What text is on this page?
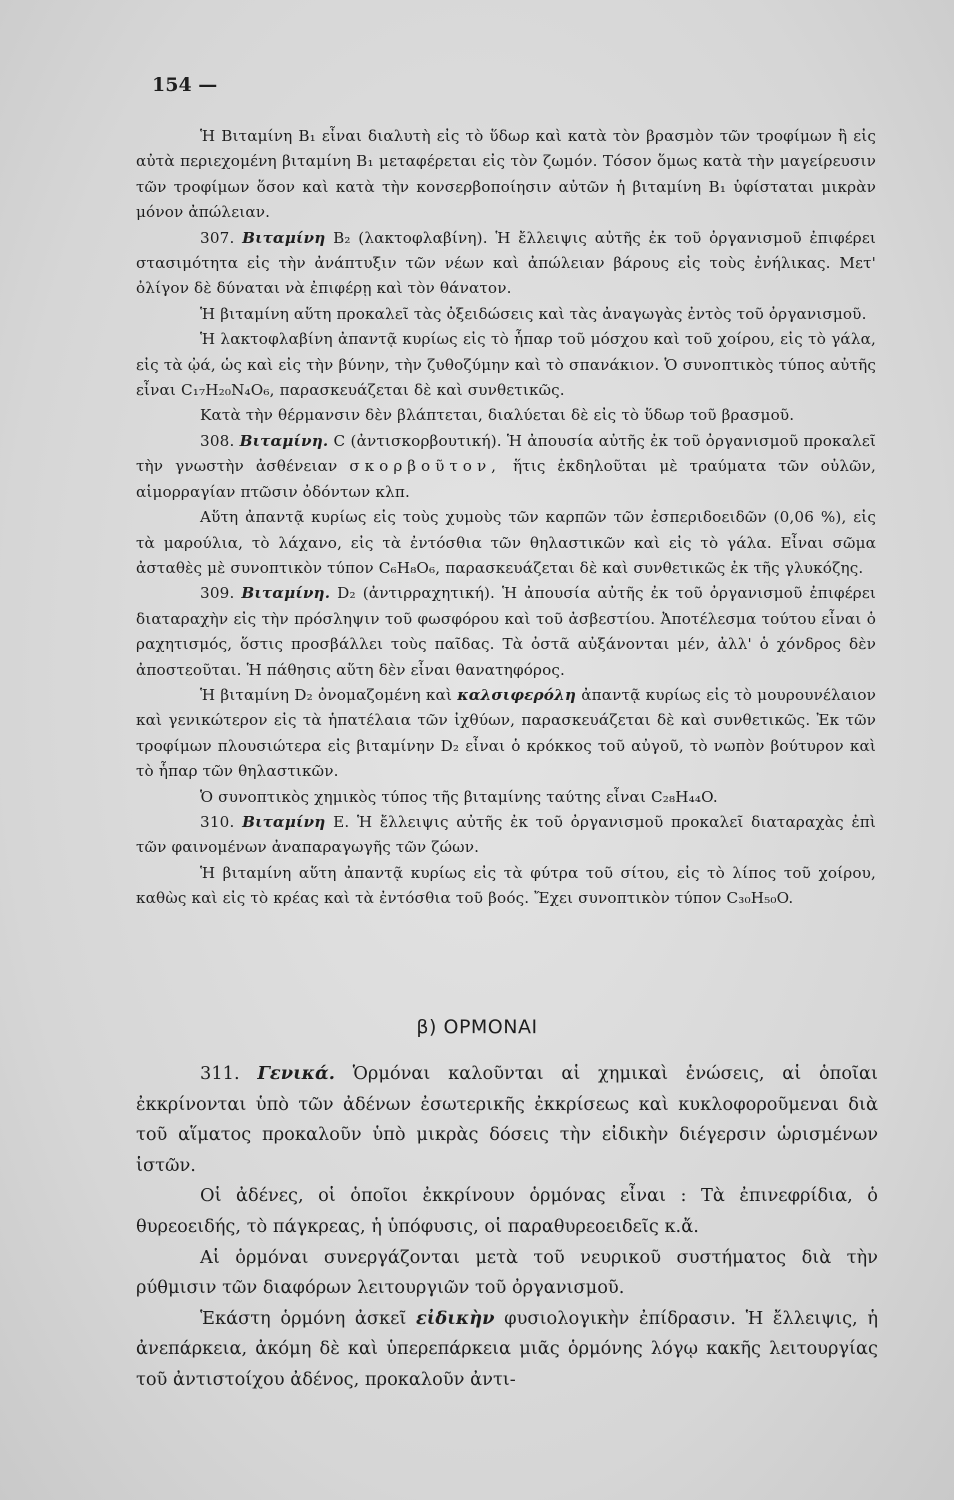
154 —

Ἡ Βιταμίνη Β₁ εἶναι διαλυτὴ εἰς τὸ ὕδωρ καὶ κατὰ τὸν βρασμὸν τῶν τροφίμων ἢ εἰς αὐτὰ περιεχομένη βιταμίνη Β₁ μεταφέρεται εἰς τὸν ζωμόν. Τόσον ὅμως κατὰ τὴν μαγείρευσιν τῶν τροφίμων ὅσον καὶ κατὰ τὴν κονσερβοποίησιν αὐτῶν ἡ βιταμίνη Β₁ ὑφίσταται μικρὰν μόνον ἀπώλειαν.

307. Βιταμίνη Β₂ (λακτοφλαβίνη). Ἡ ἔλλειψις αὐτῆς ἐκ τοῦ ὀργανισμοῦ ἐπιφέρει στασιμότητα εἰς τὴν ἀνάπτυξιν τῶν νέων καὶ ἀπώλειαν βάρους εἰς τοὺς ἐνήλικας. Μετ' ὀλίγον δὲ δύναται νὰ ἐπιφέρῃ καὶ τὸν θάνατον.

Ἡ βιταμίνη αὕτη προκαλεῖ τὰς ὀξειδώσεις καὶ τὰς ἀναγωγὰς ἐντὸς τοῦ ὀργανισμοῦ.

Ἡ λακτοφλαβίνη ἀπαντᾷ κυρίως εἰς τὸ ἧπαρ τοῦ μόσχου καὶ τοῦ χοίρου, εἰς τὸ γάλα, εἰς τὰ ᾠά, ὡς καὶ εἰς τὴν βύνην, τὴν ζυθοζύμην καὶ τὸ σπανάκιον. Ὁ συνοπτικὸς τύπος αὐτῆς εἶναι C₁₇H₂₀N₄O₆, παρασκευάζεται δὲ καὶ συνθετικῶς.

Κατὰ τὴν θέρμανσιν δὲν βλάπτεται, διαλύεται δὲ εἰς τὸ ὕδωρ τοῦ βρασμοῦ.

308. Βιταμίνη. C (ἀντισκορβουτική). Ἡ ἀπουσία αὐτῆς ἐκ τοῦ ὀργανισμοῦ προκαλεῖ τὴν γνωστὴν ἀσθένειαν σκορβοῦτον, ἥτις ἐκδηλοῦται μὲ τραύματα τῶν οὐλῶν, αἱμορραγίαν πτῶσιν ὀδόντων κλπ.

Αὕτη ἀπαντᾷ κυρίως εἰς τοὺς χυμοὺς τῶν καρπῶν τῶν ἐσπεριδοειδῶν (0,06 %), εἰς τὰ μαρούλια, τὸ λάχανο, εἰς τὰ ἐντόσθια τῶν θηλαστικῶν καὶ εἰς τὸ γάλα. Εἶναι σῶμα ἀσταθὲς μὲ συνοπτικὸν τύπον C₆H₈O₆, παρασκευάζεται δὲ καὶ συνθετικῶς ἐκ τῆς γλυκόζης.

309. Βιταμίνη. D₂ (ἀντιρραχητική). Ἡ ἀπουσία αὐτῆς ἐκ τοῦ ὀργανισμοῦ ἐπιφέρει διαταραχὴν εἰς τὴν πρόσληψιν τοῦ φωσφόρου καὶ τοῦ ἀσβεστίου. Ἀποτέλεσμα τούτου εἶναι ὁ ραχητισμός, ὅστις προσβάλλει τοὺς παῖδας. Τὰ ὀστᾶ αὐξάνονται μέν, ἀλλ' ὁ χόνδρος δὲν ἀποστεοῦται. Ἡ πάθησις αὕτη δὲν εἶναι θανατηφόρος.

Ἡ βιταμίνη D₂ ὀνομαζομένη καὶ καλσιφερόλη ἀπαντᾷ κυρίως εἰς τὸ μουρουνέλαιον καὶ γενικώτερον εἰς τὰ ἡπατέλαια τῶν ἰχθύων, παρασκευάζεται δὲ καὶ συνθετικῶς. Ἐκ τῶν τροφίμων πλουσιώτερα εἰς βιταμίνην D₂ εἶναι ὁ κρόκκος τοῦ αὐγοῦ, τὸ νωπὸν βούτυρον καὶ τὸ ἧπαρ τῶν θηλαστικῶν.

Ὁ συνοπτικὸς χημικὸς τύπος τῆς βιταμίνης ταύτης εἶναι C₂₈H₄₄O.

310. Βιταμίνη Ε. Ἡ ἔλλειψις αὐτῆς ἐκ τοῦ ὀργανισμοῦ προκαλεῖ διαταραχὰς ἐπὶ τῶν φαινομένων ἀναπαραγωγῆς τῶν ζώων.

Ἡ βιταμίνη αὕτη ἀπαντᾷ κυρίως εἰς τὰ φύτρα τοῦ σίτου, εἰς τὸ λίπος τοῦ χοίρου, καθὼς καὶ εἰς τὸ κρέας καὶ τὰ ἐντόσθια τοῦ βοός. Ἔχει συνοπτικὸν τύπον C₃₀H₅₀O.

β) ΟΡΜΟΝΑΙ

311. Γενικά. Ὁρμόναι καλοῦνται αἱ χημικαὶ ἑνώσεις, αἱ ὁποῖαι ἐκκρίνονται ὑπὸ τῶν ἀδένων ἐσωτερικῆς ἐκκρίσεως καὶ κυκλοφοροῦμεναι διὰ τοῦ αἵματος προκαλοῦν ὑπὸ μικρὰς δόσεις τὴν εἰδικὴν διέγερσιν ὡρισμένων ἱστῶν.

Οἱ ἀδένες, οἱ ὁποῖοι ἐκκρίνουν ὁρμόνας εἶναι : Τὰ ἐπινεφρίδια, ὁ θυρεοειδής, τὸ πάγκρεας, ἡ ὑπόφυσις, οἱ παραθυρεοειδεῖς κ.ἄ.

Αἱ ὁρμόναι συνεργάζονται μετὰ τοῦ νευρικοῦ συστήματος διὰ τὴν ρύθμισιν τῶν διαφόρων λειτουργιῶν τοῦ ὀργανισμοῦ.

Ἑκάστη ὁρμόνη ἀσκεῖ εἰδικὴν φυσιολογικὴν ἐπίδρασιν. Ἡ ἔλλειψις, ἡ ἀνεπάρκεια, ἀκόμη δὲ καὶ ὑπερεπάρκεια μιᾶς ὁρμόνης λόγῳ κακῆς λειτουργίας τοῦ ἀντιστοίχου ἀδένος, προκαλοῦν ἀντι-
